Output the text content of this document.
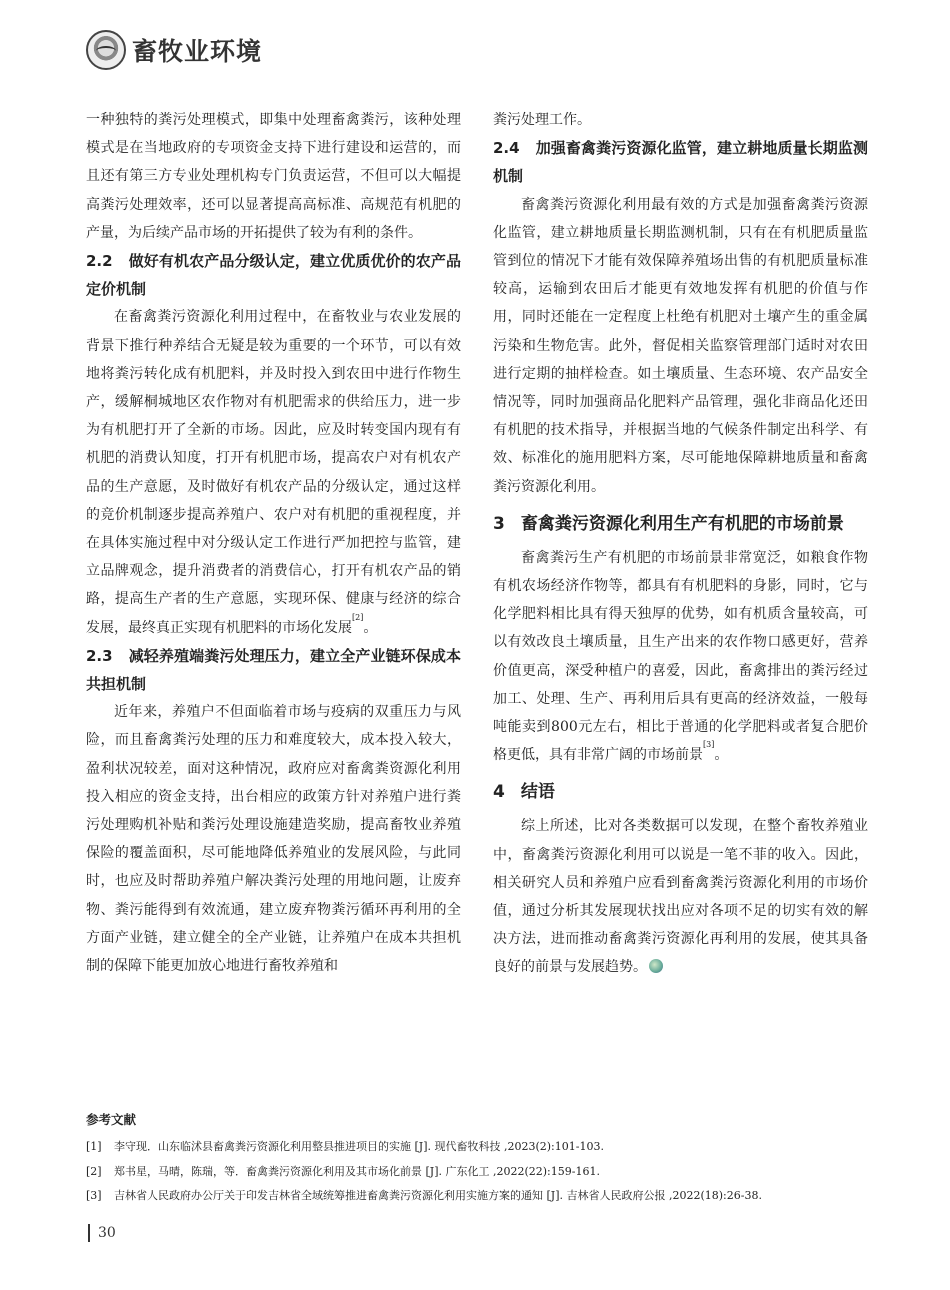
畜牧业环境

一种独特的粪污处理模式，即集中处理畜禽粪污，该种处理模式是在当地政府的专项资金支持下进行建设和运营的，而且还有第三方专业处理机构专门负责运营，不但可以大幅提高粪污处理效率，还可以显著提高高标准、高规范有机肥的产量，为后续产品市场的开拓提供了较为有利的条件。

2.2 做好有机农产品分级认定，建立优质优价的农产品定价机制

在畜禽粪污资源化利用过程中，在畜牧业与农业发展的背景下推行种养结合无疑是较为重要的一个环节，可以有效地将粪污转化成有机肥料，并及时投入到农田中进行作物生产，缓解桐城地区农作物对有机肥需求的供给压力，进一步为有机肥打开了全新的市场。因此，应及时转变国内现有有机肥的消费认知度，打开有机肥市场，提高农户对有机农产品的生产意愿，及时做好有机农产品的分级认定，通过这样的竞价机制逐步提高养殖户、农户对有机肥的重视程度，并在具体实施过程中对分级认定工作进行严加把控与监管，建立品牌观念，提升消费者的消费信心，打开有机农产品的销路，提高生产者的生产意愿，实现环保、健康与经济的综合发展，最终真正实现有机肥料的市场化发展[2]。

2.3 减轻养殖端粪污处理压力，建立全产业链环保成本共担机制

近年来，养殖户不但面临着市场与疫病的双重压力与风险，而且畜禽粪污处理的压力和难度较大，成本投入较大，盈利状况较差，面对这种情况，政府应对畜禽粪资源化利用投入相应的资金支持，出台相应的政策方针对养殖户进行粪污处理购机补贴和粪污处理设施建造奖励，提高畜牧业养殖保险的覆盖面积，尽可能地降低养殖业的发展风险，与此同时，也应及时帮助养殖户解决粪污处理的用地问题，让废弃物、粪污能得到有效流通，建立废弃物粪污循环再利用的全方面产业链，建立健全的全产业链，让养殖户在成本共担机制的保障下能更加放心地进行畜牧养殖和

粪污处理工作。

2.4 加强畜禽粪污资源化监管，建立耕地质量长期监测机制

畜禽粪污资源化利用最有效的方式是加强畜禽粪污资源化监管，建立耕地质量长期监测机制，只有在有机肥质量监管到位的情况下才能有效保障养殖场出售的有机肥质量标准较高，运输到农田后才能更有效地发挥有机肥的价值与作用，同时还能在一定程度上杜绝有机肥对土壤产生的重金属污染和生物危害。此外，督促相关监察管理部门适时对农田进行定期的抽样检查。如土壤质量、生态环境、农产品安全情况等，同时加强商品化肥料产品管理，强化非商品化还田有机肥的技术指导，并根据当地的气候条件制定出科学、有效、标准化的施用肥料方案，尽可能地保障耕地质量和畜禽粪污资源化利用。

3 畜禽粪污资源化利用生产有机肥的市场前景

畜禽粪污生产有机肥的市场前景非常宽泛，如粮食作物有机农场经济作物等，都具有有机肥料的身影，同时，它与化学肥料相比具有得天独厚的优势，如有机质含量较高，可以有效改良土壤质量，且生产出来的农作物口感更好，营养价值更高，深受种植户的喜爱，因此，畜禽排出的粪污经过加工、处理、生产、再利用后具有更高的经济效益，一般每吨能卖到800元左右，相比于普通的化学肥料或者复合肥价格更低，具有非常广阔的市场前景[3]。

4 结语

综上所述，比对各类数据可以发现，在整个畜牧养殖业中，畜禽粪污资源化利用可以说是一笔不菲的收入。因此，相关研究人员和养殖户应看到畜禽粪污资源化利用的市场价值，通过分析其发展现状找出应对各项不足的切实有效的解决方法，进而推动畜禽粪污资源化再利用的发展，使其具备良好的前景与发展趋势。

参考文献
[1]	李守现．山东临沭县畜禽粪污资源化利用整县推进项目的实施 [J]. 现代畜牧科技 ,2023(2):101-103.
[2]	郑书星，马晴，陈瑞，等．畜禽粪污资源化利用及其市场化前景 [J]. 广东化工 ,2022(22):159-161.
[3]	吉林省人民政府办公厅关于印发吉林省全域统筹推进畜禽粪污资源化利用实施方案的通知 [J]. 吉林省人民政府公报 ,2022(18):26-38.
30
